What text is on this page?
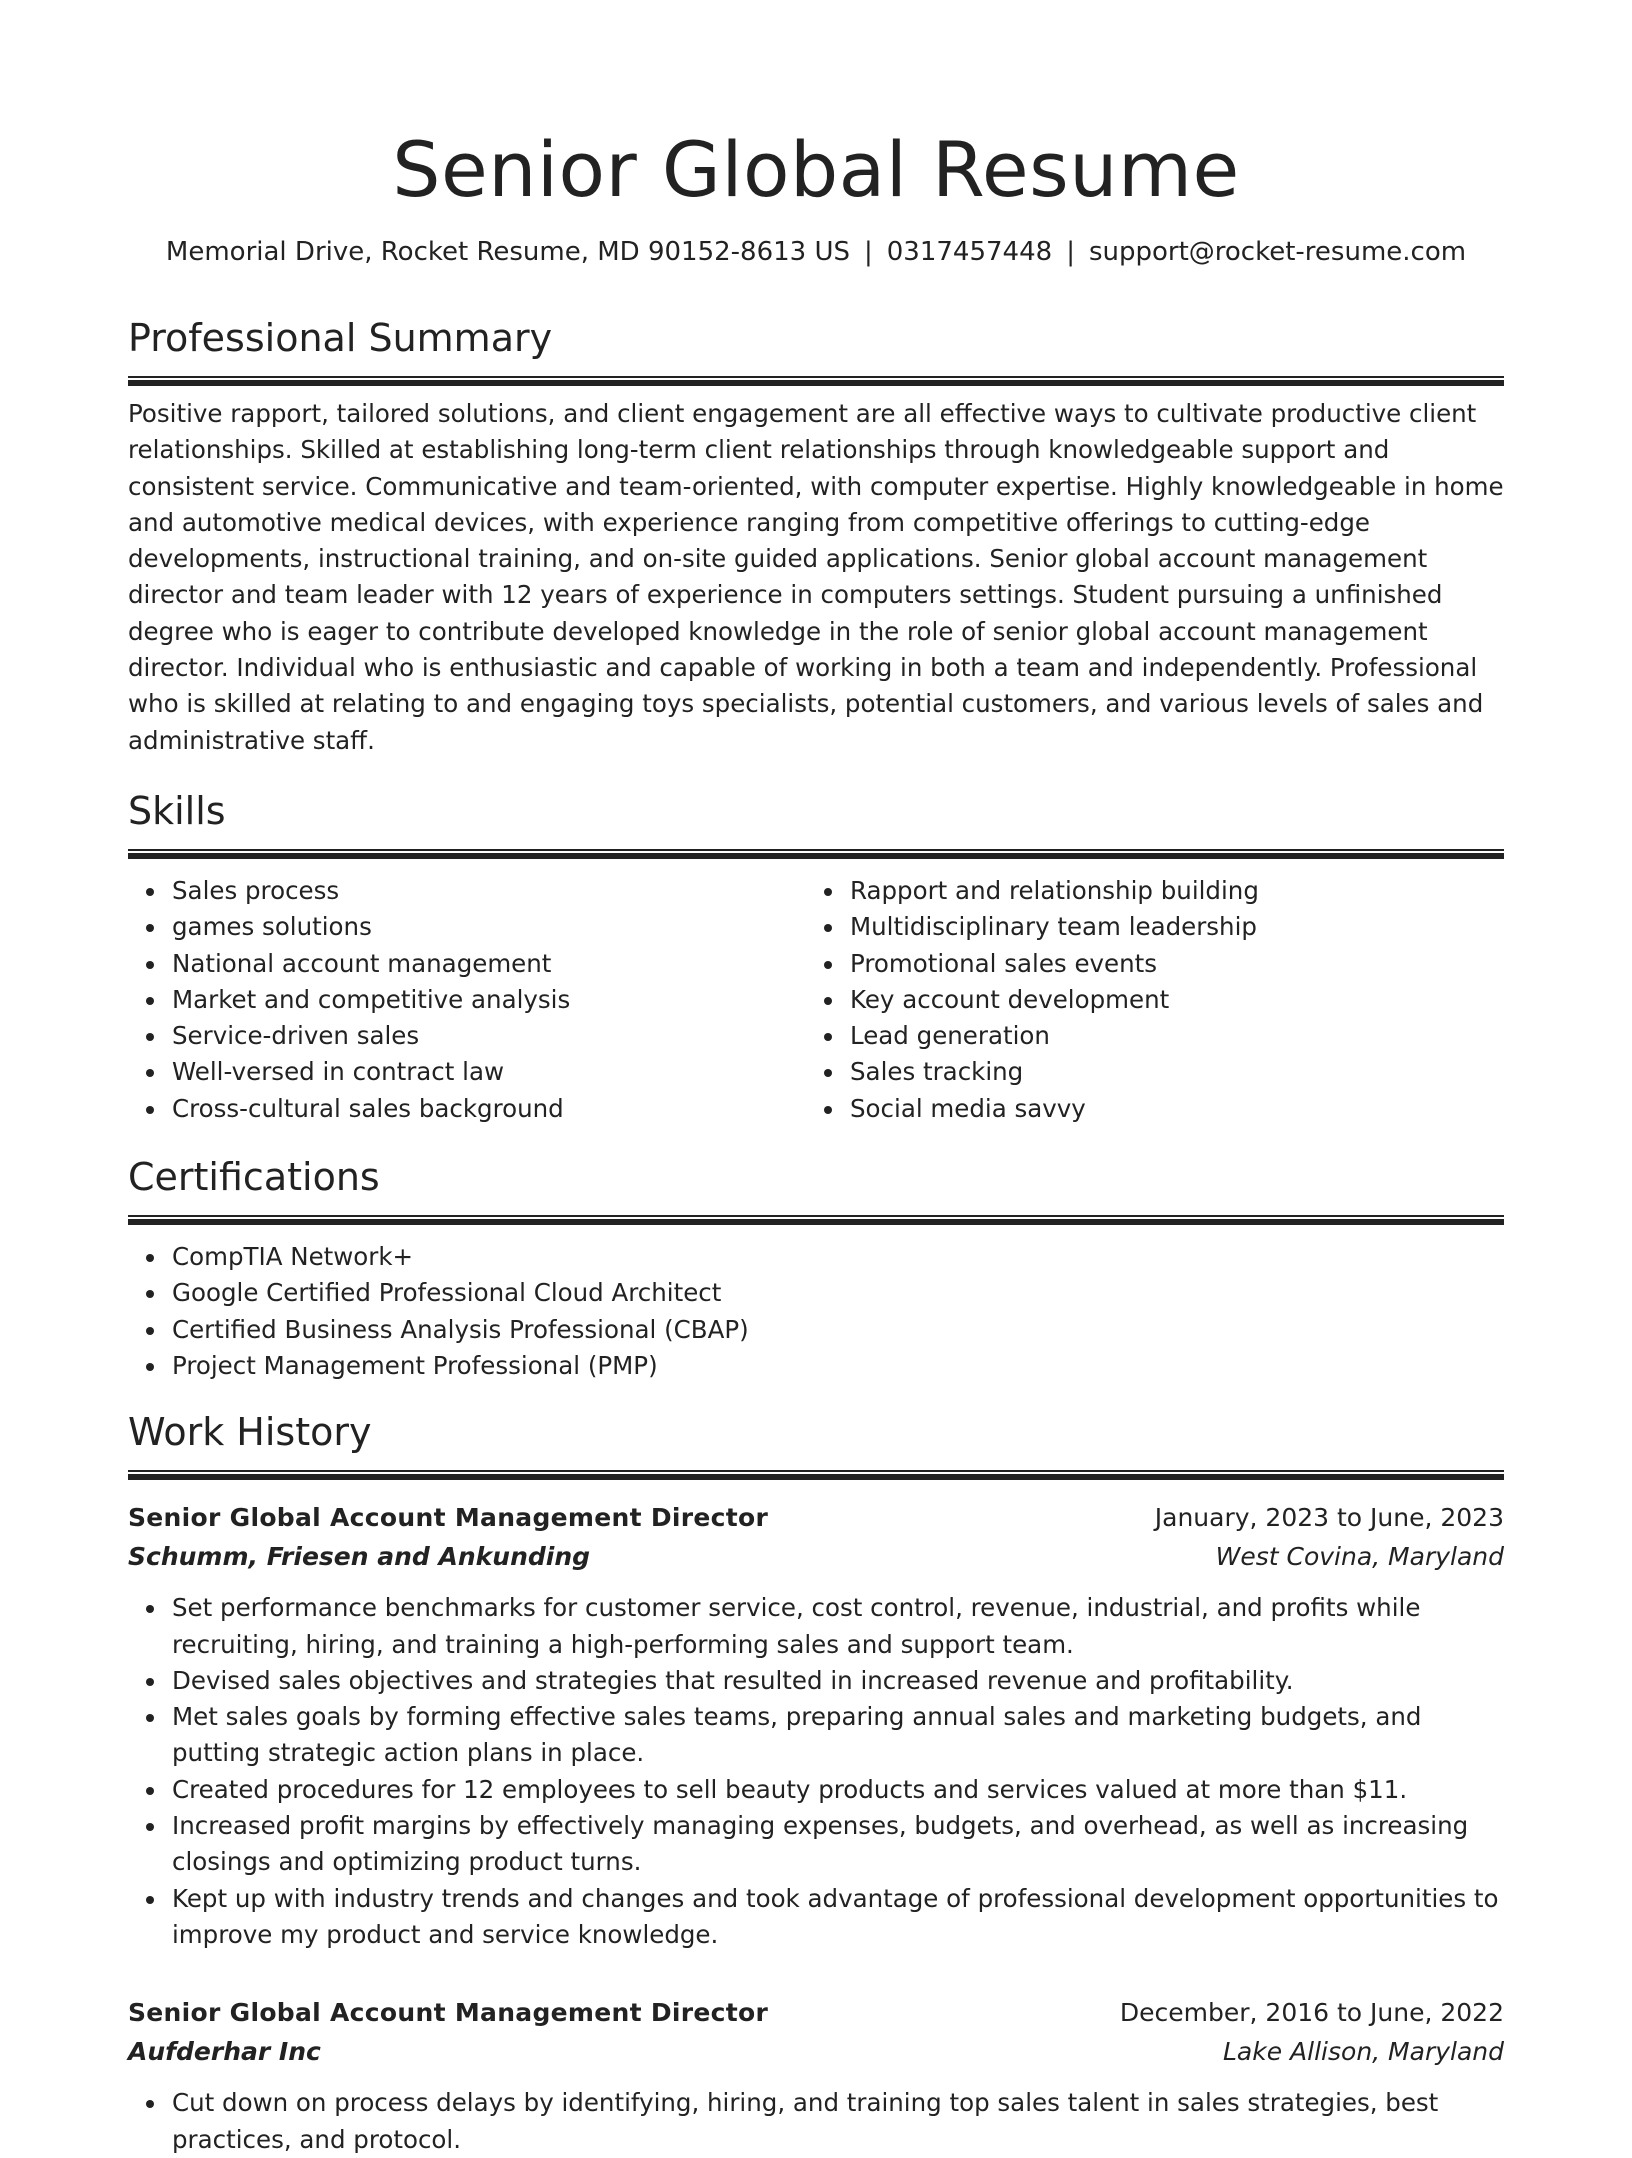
Senior Global Resume
Memorial Drive, Rocket Resume, MD 90152-8613 US | 0317457448 | support@rocket-resume.com
Professional Summary

Positive rapport, tailored solutions, and client engagement are all effective ways to cultivate productive client relationships. Skilled at establishing long-term client relationships through knowledgeable support and consistent service. Communicative and team-oriented, with computer expertise. Highly knowledgeable in home and automotive medical devices, with experience ranging from competitive offerings to cutting-edge developments, instructional training, and on-site guided applications. Senior global account management director and team leader with 12 years of experience in computers settings. Student pursuing a unfinished degree who is eager to contribute developed knowledge in the role of senior global account management director. Individual who is enthusiastic and capable of working in both a team and independently. Professional who is skilled at relating to and engaging toys specialists, potential customers, and various levels of sales and administrative staff.

Skills
Sales process
games solutions
National account management
Market and competitive analysis
Service-driven sales
Well-versed in contract law
Cross-cultural sales background
Rapport and relationship building
Multidisciplinary team leadership
Promotional sales events
Key account development
Lead generation
Sales tracking
Social media savvy
Certifications
CompTIA Network+
Google Certified Professional Cloud Architect
Certified Business Analysis Professional (CBAP)
Project Management Professional (PMP)
Work History
Senior Global Account Management Director	January, 2023 to June, 2023
Schumm, Friesen and Ankunding	West Covina, Maryland
Set performance benchmarks for customer service, cost control, revenue, industrial, and profits while recruiting, hiring, and training a high-performing sales and support team.
Devised sales objectives and strategies that resulted in increased revenue and profitability.
Met sales goals by forming effective sales teams, preparing annual sales and marketing budgets, and putting strategic action plans in place.
Created procedures for 12 employees to sell beauty products and services valued at more than $11.
Increased profit margins by effectively managing expenses, budgets, and overhead, as well as increasing closings and optimizing product turns.
Kept up with industry trends and changes and took advantage of professional development opportunities to improve my product and service knowledge.
Senior Global Account Management Director	December, 2016 to June, 2022
Aufderhar Inc	Lake Allison, Maryland
Cut down on process delays by identifying, hiring, and training top sales talent in sales strategies, best practices, and protocol.
